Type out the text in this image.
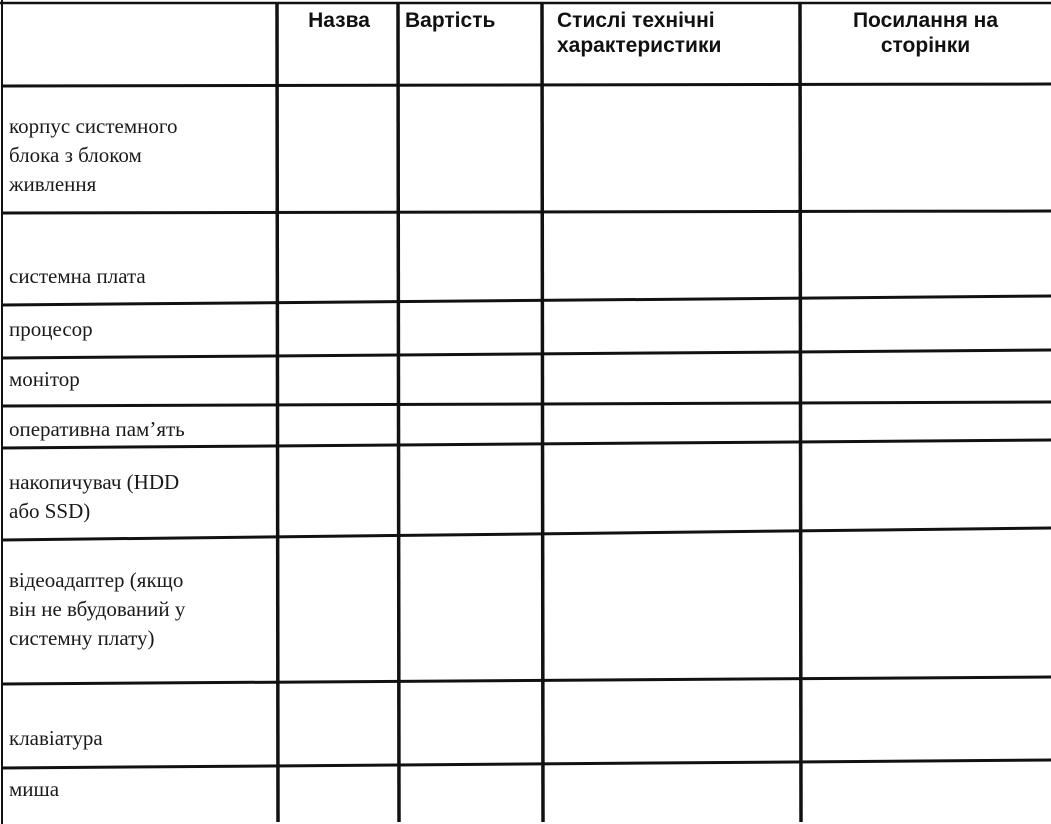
Назва	Вартість	Стислі технічні
характеристики
Посилання на
сторінки
корпус системного
блока з блоком
живлення
системна плата
процесор
монітор
оперативна пам’ять
накопичувач (HDD
або SSD)
відеоадаптер (якщо
він не вбудований у
системну плату)
клавіатура
миша
